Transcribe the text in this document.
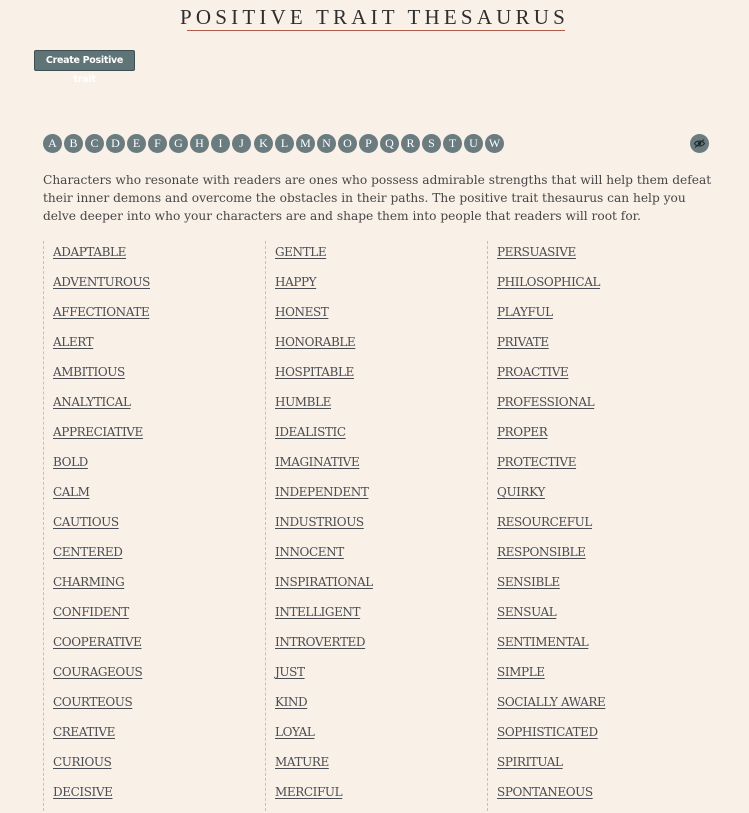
POSITIVE TRAIT THESAURUS
Create Positive trait
A	B	C	D	E	F	G	H	I	J	K	L M N	O	P	Q	R	S	T	U W

Characters who resonate with readers are ones who possess admirable strengths that will help them defeat their inner demons and overcome the obstacles in their paths. The positive trait thesaurus can help you delve deeper into who your characters are and shape them into people that readers will root for.

ADAPTABLE
ADVENTUROUS
AFFECTIONATE
ALERT
AMBITIOUS
ANALYTICAL
APPRECIATIVE
BOLD
CALM
CAUTIOUS
CENTERED
CHARMING
CONFIDENT
COOPERATIVE
COURAGEOUS
COURTEOUS
CREATIVE
CURIOUS
DECISIVE
GENTLE
HAPPY
HONEST
HONORABLE
HOSPITABLE
HUMBLE
IDEALISTIC
IMAGINATIVE
INDEPENDENT
INDUSTRIOUS
INNOCENT
INSPIRATIONAL
INTELLIGENT
INTROVERTED
JUST
KIND
LOYAL
MATURE
MERCIFUL
PERSUASIVE
PHILOSOPHICAL
PLAYFUL
PRIVATE
PROACTIVE
PROFESSIONAL
PROPER
PROTECTIVE
QUIRKY
RESOURCEFUL
RESPONSIBLE
SENSIBLE
SENSUAL
SENTIMENTAL
SIMPLE
SOCIALLY AWARE
SOPHISTICATED
SPIRITUAL
SPONTANEOUS
